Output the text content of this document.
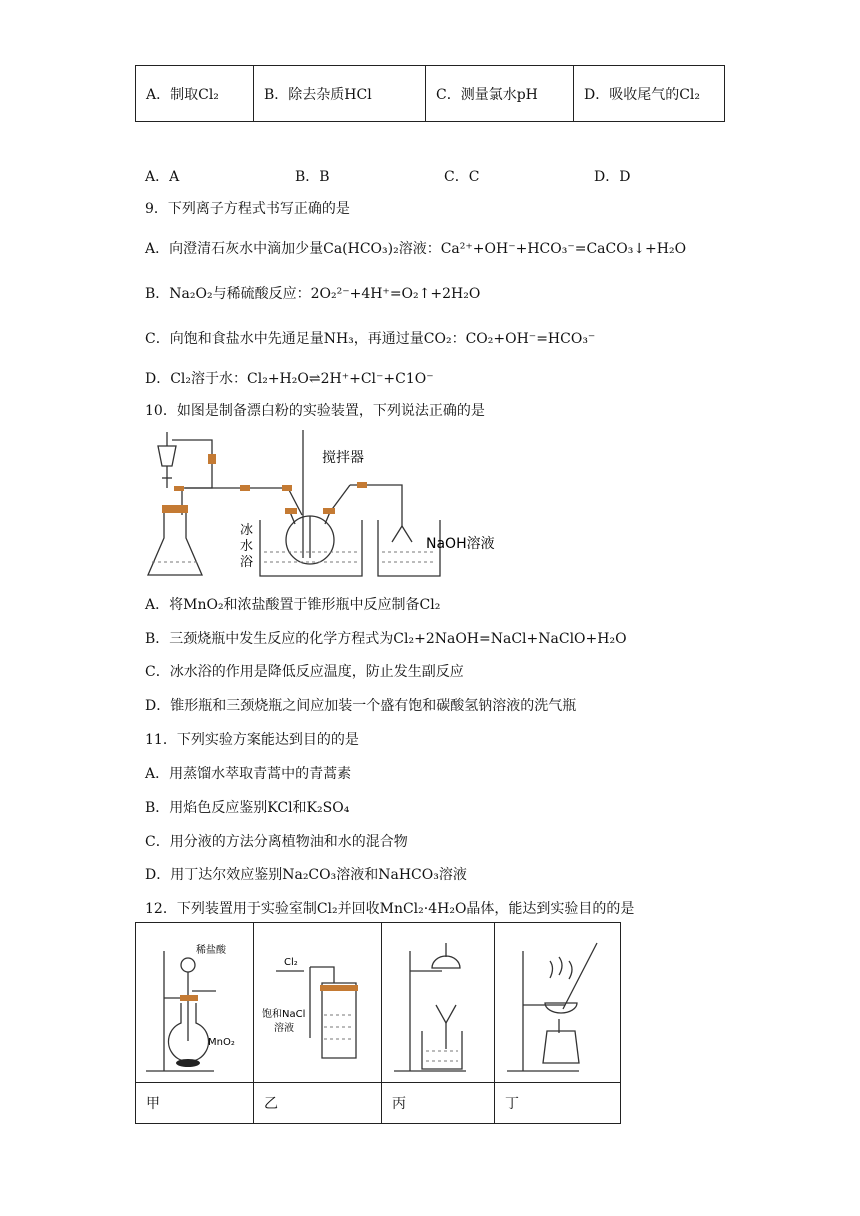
A．制取Cl₂	B．除去杂质HCl	C．测量氯水pH	D．吸收尾气的Cl₂
A．A	B．B	C．C	D．D
9．下列离子方程式书写正确的是
A．向澄清石灰水中滴加少量Ca(HCO₃)₂溶液：Ca²⁺+OH⁻+HCO₃⁻=CaCO₃↓+H₂O
B．Na₂O₂与稀硫酸反应：2O₂²⁻+4H⁺=O₂↑+2H₂O
C．向饱和食盐水中先通足量NH₃，再通过量CO₂：CO₂+OH⁻=HCO₃⁻
D．Cl₂溶于水：Cl₂+H₂O⇌2H⁺+Cl⁻+C1O⁻
10．如图是制备漂白粉的实验装置，下列说法正确的是
搅拌器
冰
水
浴
NaOH溶液
A．将MnO₂和浓盐酸置于锥形瓶中反应制备Cl₂
B．三颈烧瓶中发生反应的化学方程式为Cl₂+2NaOH=NaCl+NaClO+H₂O
C．冰水浴的作用是降低反应温度，防止发生副反应
D．锥形瓶和三颈烧瓶之间应加装一个盛有饱和碳酸氢钠溶液的洗气瓶
11．下列实验方案能达到目的的是
A．用蒸馏水萃取青蒿中的青蒿素
B．用焰色反应鉴别KCl和K₂SO₄
C．用分液的方法分离植物油和水的混合物
D．用丁达尔效应鉴别Na₂CO₃溶液和NaHCO₃溶液
12．下列装置用于实验室制Cl₂并回收MnCl₂·4H₂O晶体，能达到实验目的的是
稀盐酸
MnO₂	Cl₂
饱和NaCl
溶液

甲	乙	丙	丁
